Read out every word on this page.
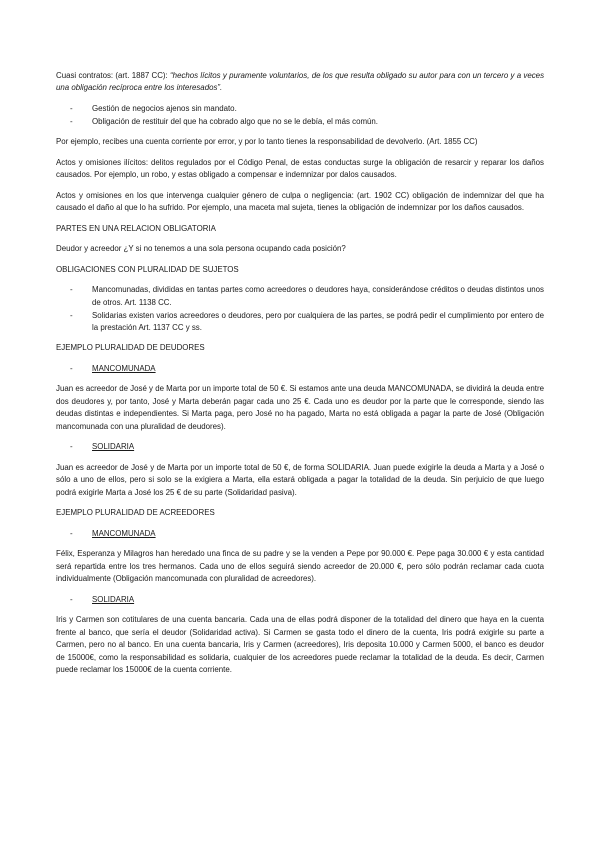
Cuasi contratos: (art. 1887 CC): “hechos lícitos y puramente voluntarios, de los que resulta obligado su autor para con un tercero y a veces una obligación recíproca entre los interesados”.

- Gestión de negocios ajenos sin mandato.
- Obligación de restituir del que ha cobrado algo que no se le debía, el más común.

Por ejemplo, recibes una cuenta corriente por error, y por lo tanto tienes la responsabilidad de devolverlo. (Art. 1855 CC)

Actos y omisiones ilícitos: delitos regulados por el Código Penal, de estas conductas surge la obligación de resarcir y reparar los daños causados. Por ejemplo, un robo, y estas obligado a compensar e indemnizar por dalos causados.

Actos y omisiones en los que intervenga cualquier género de culpa o negligencia: (art. 1902 CC) obligación de indemnizar del que ha causado el daño al que lo ha sufrido. Por ejemplo, una maceta mal sujeta, tienes la obligación de indemnizar por los daños causados.

PARTES EN UNA RELACION OBLIGATORIA

Deudor y acreedor ¿Y si no tenemos a una sola persona ocupando cada posición?

OBLIGACIONES CON PLURALIDAD DE SUJETOS

- Mancomunadas, divididas en tantas partes como acreedores o deudores haya, considerándose créditos o deudas distintos unos de otros. Art. 1138 CC.
- Solidarias existen varios acreedores o deudores, pero por cualquiera de las partes, se podrá pedir el cumplimiento por entero de la prestación Art. 1137 CC y ss.

EJEMPLO PLURALIDAD DE DEUDORES

- MANCOMUNADA

Juan es acreedor de José y de Marta por un importe total de 50 €. Si estamos ante una deuda MANCOMUNADA, se dividirá la deuda entre dos deudores y, por tanto, José y Marta deberán pagar cada uno 25 €. Cada uno es deudor por la parte que le corresponde, siendo las deudas distintas e independientes. Si Marta paga, pero José no ha pagado, Marta no está obligada a pagar la parte de José (Obligación mancomunada con una pluralidad de deudores).

- SOLIDARIA

Juan es acreedor de José y de Marta por un importe total de 50 €, de forma SOLIDARIA. Juan puede exigirle la deuda a Marta y a José o sólo a uno de ellos, pero si solo se la exigiera a Marta, ella estará obligada a pagar la totalidad de la deuda. Sin perjuicio de que luego podrá exigirle Marta a José los 25 € de su parte (Solidaridad pasiva).

EJEMPLO PLURALIDAD DE ACREEDORES

- MANCOMUNADA

Félix, Esperanza y Milagros han heredado una finca de su padre y se la venden a Pepe por 90.000 €. Pepe paga 30.000 € y esta cantidad será repartida entre los tres hermanos. Cada uno de ellos seguirá siendo acreedor de 20.000 €, pero sólo podrán reclamar cada cuota individualmente (Obligación mancomunada con pluralidad de acreedores).

- SOLIDARIA

Iris y Carmen son cotitulares de una cuenta bancaria. Cada una de ellas podrá disponer de la totalidad del dinero que haya en la cuenta frente al banco, que sería el deudor (Solidaridad activa). Si Carmen se gasta todo el dinero de la cuenta, Iris podrá exigirle su parte a Carmen, pero no al banco. En una cuenta bancaria, Iris y Carmen (acreedores), Iris deposita 10.000 y Carmen 5000, el banco es deudor de 15000€, como la responsabilidad es solidaria, cualquier de los acreedores puede reclamar la totalidad de la deuda. Es decir, Carmen puede reclamar los 15000€ de la cuenta corriente.
